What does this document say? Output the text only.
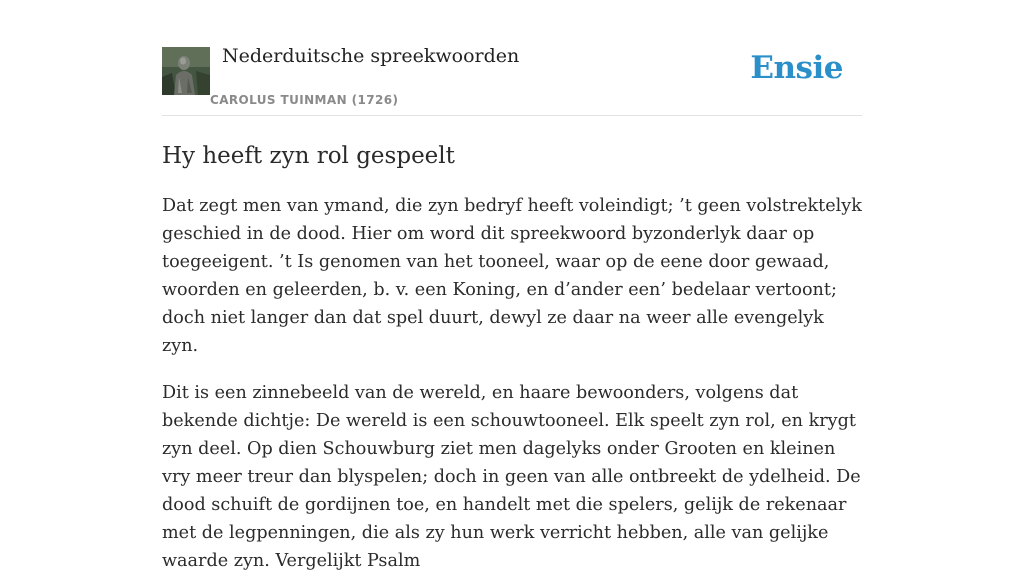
Nederduitsche spreekwoorden
CAROLUS TUINMAN (1726)
Ensie
Hy heeft zyn rol gespeelt

Dat zegt men van ymand, die zyn bedryf heeft voleindigt; ’t geen volstrektelyk geschied in de dood. Hier om word dit spreekwoord byzonderlyk daar op toegeeigent. ’t Is genomen van het tooneel, waar op de eene door gewaad, woorden en geleerden, b. v. een Koning, en d’ander een’ bedelaar vertoont; doch niet langer dan dat spel duurt, dewyl ze daar na weer alle evengelyk zyn.

Dit is een zinnebeeld van de wereld, en haare bewoonders, volgens dat bekende dichtje: De wereld is een schouwtooneel. Elk speelt zyn rol, en krygt zyn deel. Op dien Schouwburg ziet men dagelyks onder Grooten en kleinen vry meer treur dan blyspelen; doch in geen van alle ontbreekt de ydelheid. De dood schuift de gordijnen toe, en handelt met die spelers, gelijk de rekenaar met de legpenningen, die als zy hun werk verricht hebben, alle van gelijke waarde zyn. Vergelijkt Psalm
